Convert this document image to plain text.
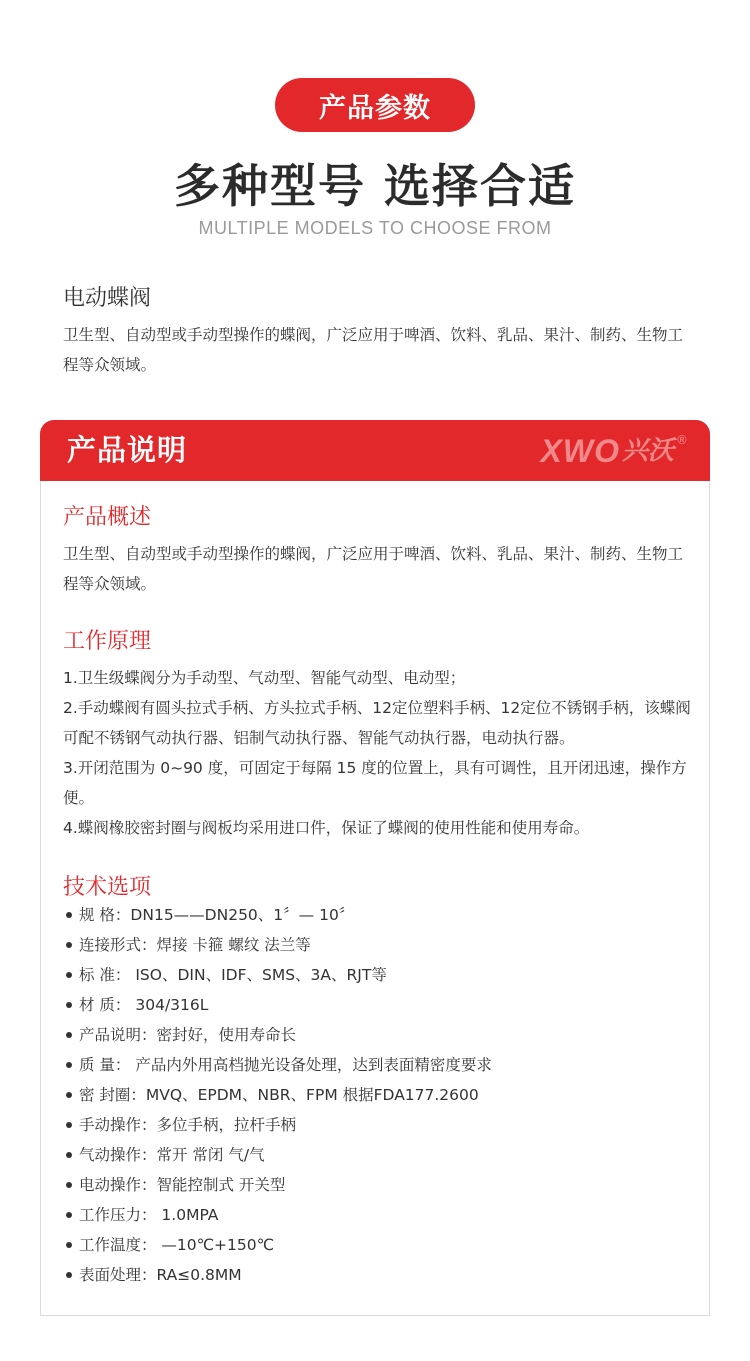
产品参数
多种型号 选择合适
MULTIPLE MODELS TO CHOOSE FROM
电动蝶阀
卫生型、自动型或手动型操作的蝶阀，广泛应用于啤酒、饮料、乳品、果汁、制药、生物工程等众领域。
产品说明	XWO 兴沃 ®
产品概述
卫生型、自动型或手动型操作的蝶阀，广泛应用于啤酒、饮料、乳品、果汁、制药、生物工程等众领域。
工作原理

1.卫生级蝶阀分为手动型、气动型、智能气动型、电动型；

2.手动蝶阀有圆头拉式手柄、方头拉式手柄、12定位塑料手柄、12定位不锈钢手柄，该蝶阀可配不锈钢气动执行器、铝制气动执行器、智能气动执行器，电动执行器。

3.开闭范围为 0~90 度，可固定于每隔 15 度的位置上，具有可调性，且开闭迅速，操作方便。

4.蝶阀橡胶密封圈与阀板均采用进口件，保证了蝶阀的使用性能和使用寿命。

技术选项
规 格：DN15——DN250、1〞— 10〞
连接形式：焊接 卡箍 螺纹 法兰等
标 准： ISO、DIN、IDF、SMS、3A、RJT等
材 质： 304/316L
产品说明：密封好，使用寿命长
质 量： 产品内外用高档抛光设备处理，达到表面精密度要求
密 封圈：MVQ、EPDM、NBR、FPM 根据FDA177.2600
手动操作：多位手柄，拉杆手柄
气动操作：常开 常闭 气/气
电动操作：智能控制式 开关型
工作压力： 1.0MPA
工作温度： —10℃+150℃
表面处理：RA≤0.8MM
